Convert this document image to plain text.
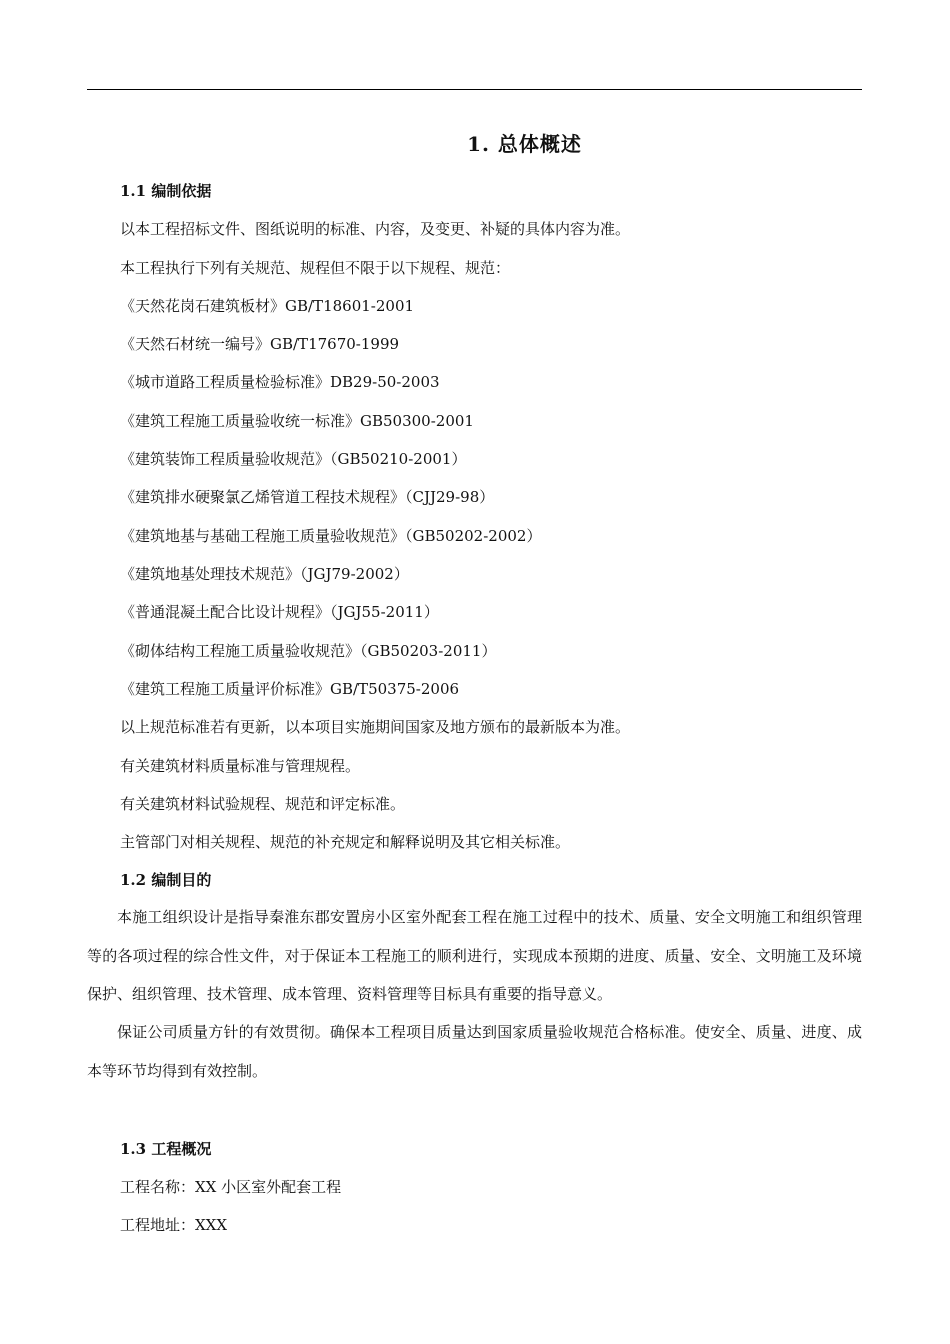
1. 总体概述
1.1 编制依据
以本工程招标文件、图纸说明的标准、内容，及变更、补疑的具体内容为准。
本工程执行下列有关规范、规程但不限于以下规程、规范：
《天然花岗石建筑板材》GB/T18601-2001
《天然石材统一编号》GB/T17670-1999
《城市道路工程质量检验标准》DB29-50-2003
《建筑工程施工质量验收统一标准》GB50300-2001
《建筑装饰工程质量验收规范》（GB50210-2001）
《建筑排水硬聚氯乙烯管道工程技术规程》（CJJ29-98）
《建筑地基与基础工程施工质量验收规范》（GB50202-2002）
《建筑地基处理技术规范》（JGJ79-2002）
《普通混凝土配合比设计规程》（JGJ55-2011）
《砌体结构工程施工质量验收规范》（GB50203-2011）
《建筑工程施工质量评价标准》GB/T50375-2006
以上规范标准若有更新，以本项目实施期间国家及地方颁布的最新版本为准。
有关建筑材料质量标准与管理规程。
有关建筑材料试验规程、规范和评定标准。
主管部门对相关规程、规范的补充规定和解释说明及其它相关标准。
1.2 编制目的
本施工组织设计是指导秦淮东郡安置房小区室外配套工程在施工过程中的技术、质量、安全文明施工和组织管理等的各项过程的综合性文件，对于保证本工程施工的顺利进行，实现成本预期的进度、质量、安全、文明施工及环境保护、组织管理、技术管理、成本管理、资料管理等目标具有重要的指导意义。
保证公司质量方针的有效贯彻。确保本工程项目质量达到国家质量验收规范合格标准。使安全、质量、进度、成本等环节均得到有效控制。
1.3 工程概况
工程名称：XX 小区室外配套工程
工程地址：XXX
